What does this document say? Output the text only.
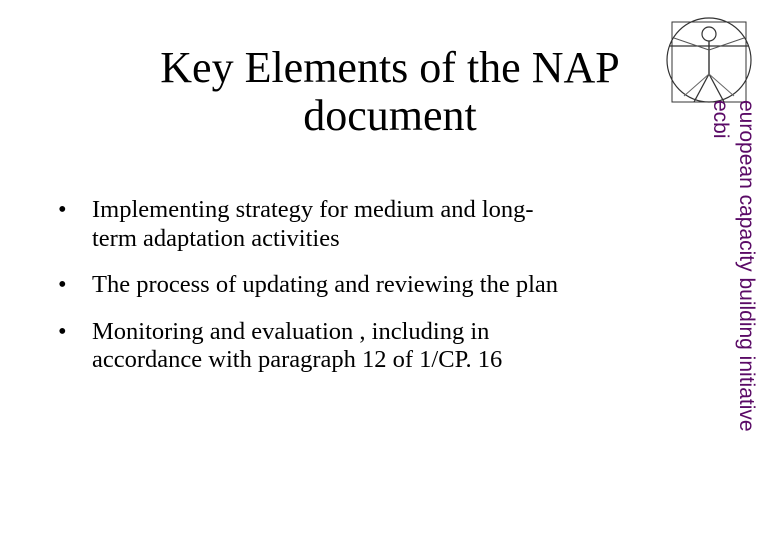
Key Elements of the NAP
document
• Implementing strategy for medium and long-
term adaptation activities
• The process of updating and reviewing the plan
• Monitoring and evaluation , including in
accordance with paragraph 12 of 1/CP. 16	european capacity building initiative
ecbi
